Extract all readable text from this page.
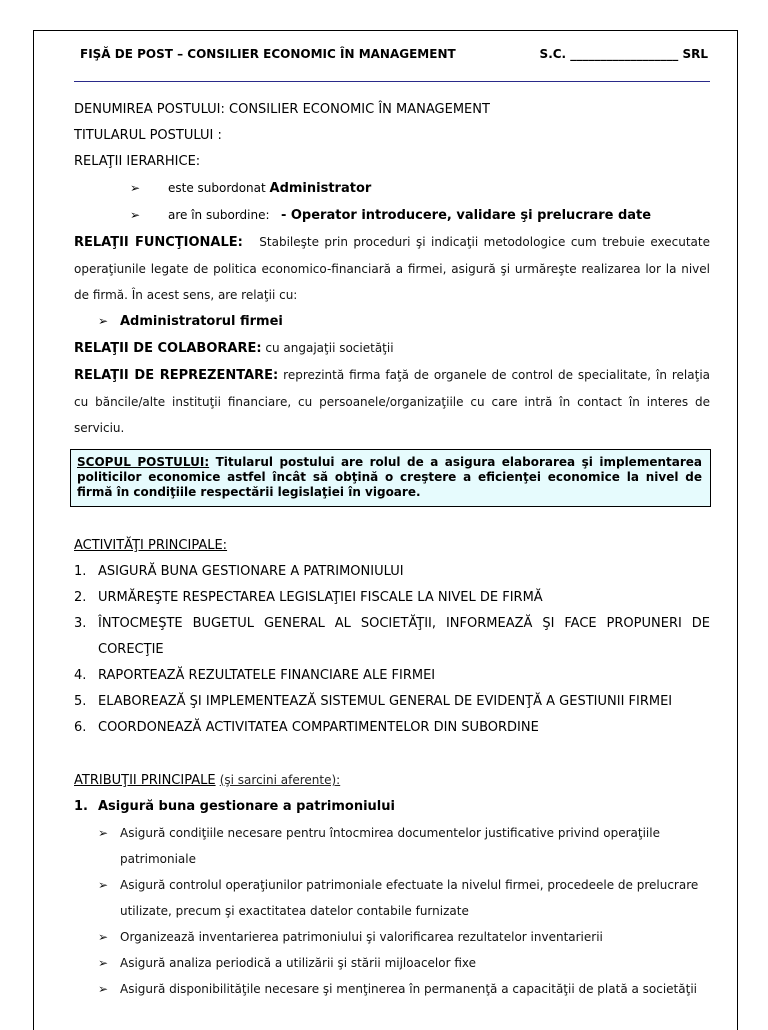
FIŞĂ DE POST – CONSILIER ECONOMIC ÎN MANAGEMENT	S.C. __________________ SRL
DENUMIREA POSTULUI: CONSILIER ECONOMIC ÎN MANAGEMENT
TITULARUL POSTULUI :
RELAŢII IERARHICE:
➢ este subordonat Administrator
➢ are în subordine: - Operator introducere, validare şi prelucrare date
RELAŢII FUNCŢIONALE: Stabileşte prin proceduri şi indicaţii metodologice cum trebuie executate operaţiunile legate de politica economico-financiară a firmei, asigură şi urmăreşte realizarea lor la nivel de firmă. În acest sens, are relaţii cu:
➢ Administratorul firmei
RELAŢII DE COLABORARE: cu angajaţii societăţii
RELAŢII DE REPREZENTARE: reprezintă firma faţă de organele de control de specialitate, în relaţia cu băncile/alte instituţii financiare, cu persoanele/organizaţiile cu care intră în contact în interes de serviciu.
SCOPUL POSTULUI: Titularul postului are rolul de a asigura elaborarea şi implementarea politicilor economice astfel încât să obţină o creştere a eficienţei economice la nivel de firmă în condiţiile respectării legislaţiei în vigoare.
ACTIVITĂŢI PRINCIPALE:
1. ASIGURĂ BUNA GESTIONARE A PATRIMONIULUI
2. URMĂREŞTE RESPECTAREA LEGISLAŢIEI FISCALE LA NIVEL DE FIRMĂ
3. ÎNTOCMEŞTE BUGETUL GENERAL AL SOCIETĂŢII, INFORMEAZĂ ŞI FACE PROPUNERI DE CORECŢIE
4. RAPORTEAZĂ REZULTATELE FINANCIARE ALE FIRMEI
5. ELABOREAZĂ ŞI IMPLEMENTEAZĂ SISTEMUL GENERAL DE EVIDENŢĂ A GESTIUNII FIRMEI
6. COORDONEAZĂ ACTIVITATEA COMPARTIMENTELOR DIN SUBORDINE
ATRIBUŢII PRINCIPALE (şi sarcini aferente):
1. Asigură buna gestionare a patrimoniului
➢ Asigură condiţiile necesare pentru întocmirea documentelor justificative privind operaţiile patrimoniale
➢ Asigură controlul operaţiunilor patrimoniale efectuate la nivelul firmei, procedeele de prelucrare utilizate, precum şi exactitatea datelor contabile furnizate
➢ Organizează inventarierea patrimoniului şi valorificarea rezultatelor inventarierii
➢ Asigură analiza periodică a utilizării şi stării mijloacelor fixe
➢ Asigură disponibilităţile necesare şi menţinerea în permanenţă a capacităţii de plată a societăţii
